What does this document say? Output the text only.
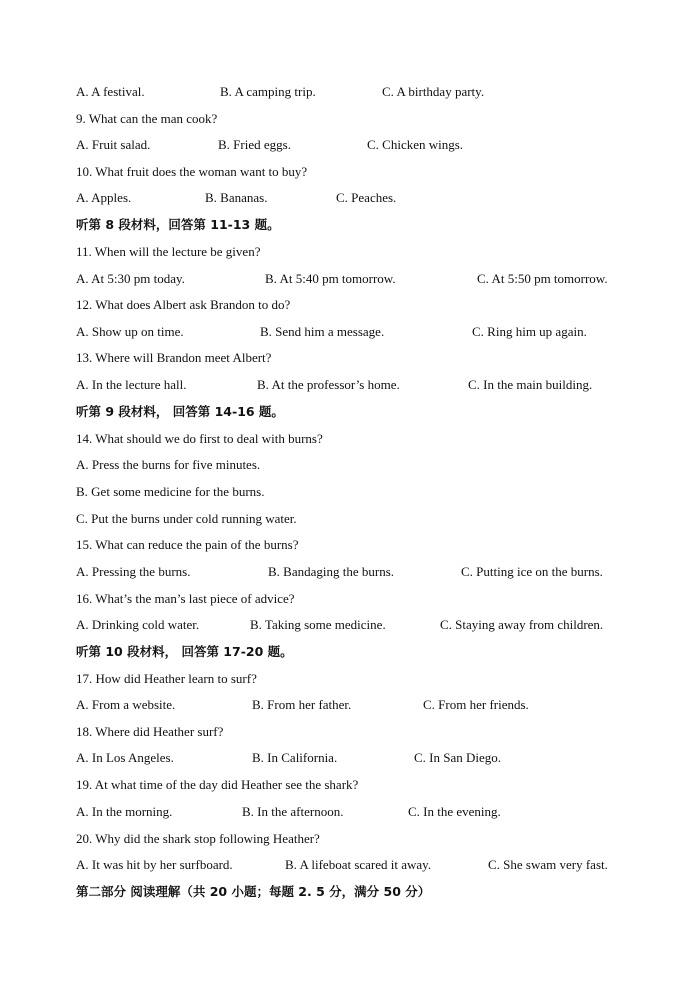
A. A festival.	B. A camping trip.	C. A birthday party.
9. What can the man cook?
A. Fruit salad.	B. Fried eggs.	C. Chicken wings.
10. What fruit does the woman want to buy?
A. Apples.	B. Bananas.	C. Peaches.
听第 8 段材料，回答第 11-13 题。
11. When will the lecture be given?
A. At 5:30 pm today.	B. At 5:40 pm tomorrow.	C. At 5:50 pm tomorrow.
12. What does Albert ask Brandon to do?
A. Show up on time.	B. Send him a message.	C. Ring him up again.
13. Where will Brandon meet Albert?
A. In the lecture hall.	B. At the professor’s home.	C. In the main building.
听第 9 段材料， 回答第 14-16 题。
14. What should we do first to deal with burns?
A. Press the burns for five minutes.
B. Get some medicine for the burns.
C. Put the burns under cold running water.
15. What can reduce the pain of the burns?
A. Pressing the burns.	B. Bandaging the burns.	C. Putting ice on the burns.
16. What’s the man’s last piece of advice?
A. Drinking cold water.	B. Taking some medicine.	C. Staying away from children.
听第 10 段材料， 回答第 17-20 题。
17. How did Heather learn to surf?
A. From a website.	B. From her father.	C. From her friends.
18. Where did Heather surf?
A. In Los Angeles.	B. In California.	C. In San Diego.
19. At what time of the day did Heather see the shark?
A. In the morning.	B. In the afternoon.	C. In the evening.
20. Why did the shark stop following Heather?
A. It was hit by her surfboard.	B. A lifeboat scared it away.	C. She swam very fast.
第二部分 阅读理解（共 20 小题；每题 2. 5 分，满分 50 分）
